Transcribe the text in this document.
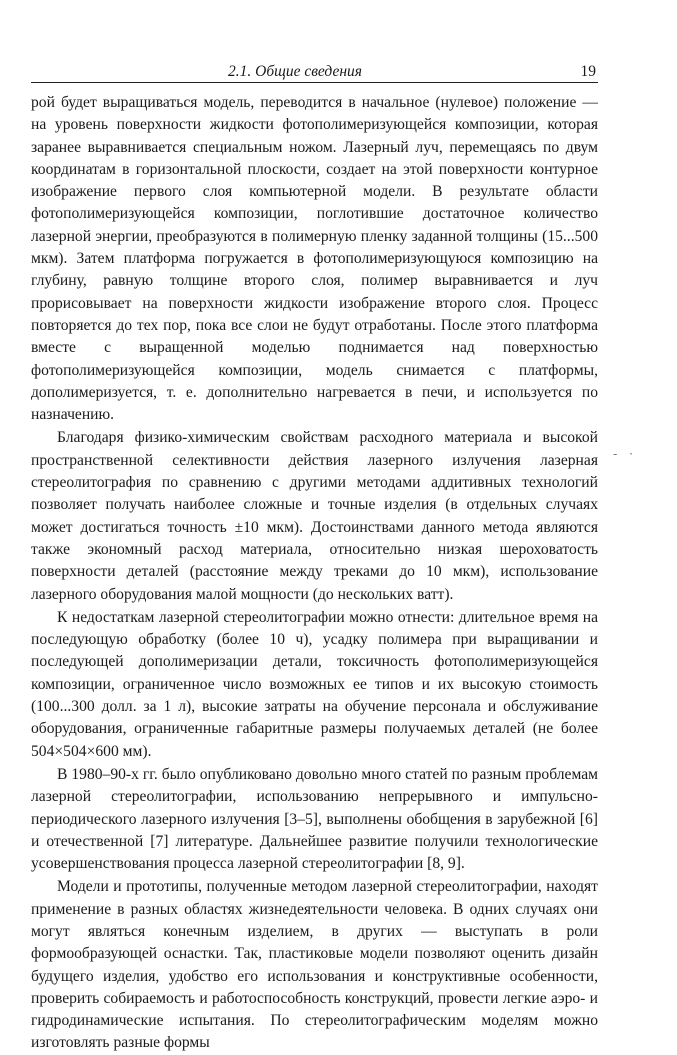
2.1. Общие сведения	19

рой будет выращиваться модель, переводится в начальное (нулевое) положение — на уровень поверхности жидкости фотополимеризующейся композиции, которая заранее выравнивается специальным ножом. Лазерный луч, перемещаясь по двум координатам в горизонтальной плоскости, создает на этой поверхности контурное изображение первого слоя компьютерной модели. В результате области фотополимеризующейся композиции, поглотившие достаточное количество лазерной энергии, преобразуются в полимерную пленку заданной толщины (15...500 мкм). Затем платформа погружается в фотополимеризующуюся композицию на глубину, равную толщине второго слоя, полимер выравнивается и луч прорисовывает на поверхности жидкости изображение второго слоя. Процесс повторяется до тех пор, пока все слои не будут отработаны. После этого платформа вместе с выращенной моделью поднимается над поверхностью фотополимеризующейся композиции, модель снимается с платформы, дополимеризуется, т. е. дополнительно нагревается в печи, и используется по назначению.

Благодаря физико-химическим свойствам расходного материала и высокой пространственной селективности действия лазерного излучения лазерная стереолитография по сравнению с другими методами аддитивных технологий позволяет получать наиболее сложные и точные изделия (в отдельных случаях может достигаться точность ±10 мкм). Достоинствами данного метода являются также экономный расход материала, относительно низкая шероховатость поверхности деталей (расстояние между треками до 10 мкм), использование лазерного оборудования малой мощности (до нескольких ватт).

К недостаткам лазерной стереолитографии можно отнести: длительное время на последующую обработку (более 10 ч), усадку полимера при выращивании и последующей дополимеризации детали, токсичность фотополимеризующейся композиции, ограниченное число возможных ее типов и их высокую стоимость (100...300 долл. за 1 л), высокие затраты на обучение персонала и обслуживание оборудования, ограниченные габаритные размеры получаемых деталей (не более 504×504×600 мм).

В 1980–90-х гг. было опубликовано довольно много статей по разным проблемам лазерной стереолитографии, использованию непрерывного и импульсно-периодического лазерного излучения [3–5], выполнены обобщения в зарубежной [6] и отечественной [7] литературе. Дальнейшее развитие получили технологические усовершенствования процесса лазерной стереолитографии [8, 9].

Модели и прототипы, полученные методом лазерной стереолитографии, находят применение в разных областях жизнедеятельности человека. В одних случаях они могут являться конечным изделием, в других — выступать в роли формообразующей оснастки. Так, пластиковые модели позволяют оценить дизайн будущего изделия, удобство его использования и конструктивные особенности, проверить собираемость и работоспособность конструкций, провести легкие аэро- и гидродинамические испытания. По стереолитографическим моделям можно изготовлять разные формы

- ·
